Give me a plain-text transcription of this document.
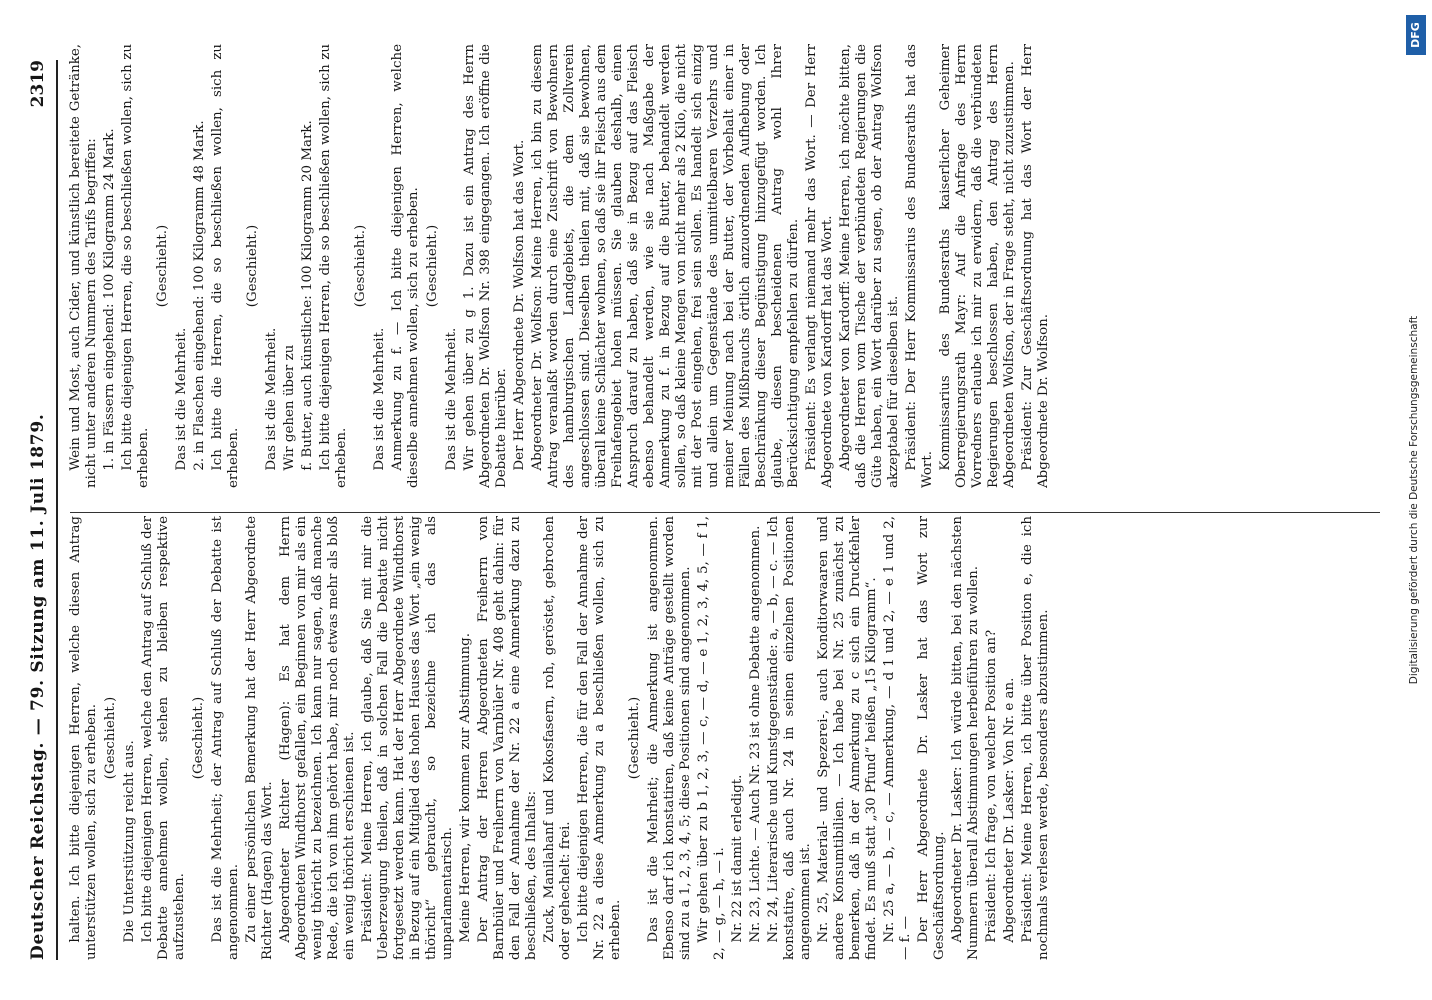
Deutscher Reichstag. — 79. Sitzung am 11. Juli 1879.
2319

halten. Ich bitte diejenigen Herren, welche diesen Antrag unterstützen wollen, sich zu erheben. (Geschieht.)

Die Unterstützung reicht aus. Ich bitte diejenigen Herren, welche den Antrag auf Schluß der Debatte annehmen wollen, stehen zu bleiben respektive aufzustehen.

(Geschieht.) Das ist die Mehrheit; der Antrag auf Schluß der Debatte ist angenommen. Zu einer persönlichen Bemerkung hat der Herr Abgeordnete Richter (Hagen) das Wort. Abgeordneter Richter (Hagen): Es hat dem Herrn Abgeordneten Windthorst gefallen, ein Beginnen von mir als ein wenig thöricht zu bezeichnen. Ich kann nur sagen, daß manche Rede, die ich von ihm gehört habe, mir noch etwas mehr als bloß ein wenig thöricht erschienen ist. Präsident: Meine Herren, ich glaube, daß Sie mit mir die Ueberzeugung theilen, daß in solchen Fall die Debatte nicht fortgesetzt werden kann. Hat der Herr Abgeordnete Windthorst in Bezug auf ein Mitglied des hohen Hauses das Wort „ein wenig thöricht“ gebraucht, so bezeichne ich das als unparlamentarisch. Meine Herren, wir kommen zur Abstimmung. Der Antrag der Herren Abgeordneten Freiherrn von Barnbüler und Freiherrn von Varnbüler Nr. 408 geht dahin: für den Fall der Annahme der Nr. 22 a eine Anmerkung dazu zu beschließen, des Inhalts: Zuck, Manilahanf und Kokosfasern, roh, geröstet, gebrochen oder gehechelt: frei. Ich bitte diejenigen Herren, die für den Fall der Annahme der Nr. 22 a diese Anmerkung zu a beschließen wollen, sich zu erheben.

(Geschieht.) Das ist die Mehrheit; die Anmerkung ist angenommen. Ebenso darf ich konstatiren, daß keine Anträge gestellt worden sind zu a 1, 2, 3, 4, 5; diese Positionen sind angenommen. Wir gehen über zu b 1, 2, 3, — c, — d, — e 1, 2, 3, 4, 5, — f 1, 2, — g, — h, — i. Nr. 22 ist damit erledigt. Nr. 23, Lichte. — Auch Nr. 23 ist ohne Debatte angenommen. Nr. 24, Literarische und Kunstgegenstände: a, — b, — c. — Ich konstatire, daß auch Nr. 24 in seinen einzelnen Positionen angenommen ist. Nr. 25, Material- und Spezerei-, auch Konditorwaaren und andere Konsumtibilien. — Ich habe bei Nr. 25 zunächst zu bemerken, daß in der Anmerkung zu c sich ein Druckfehler findet. Es muß statt „30 Pfund“ heißen „15 Kilogramm“. Nr. 25 a, — b, — c, — Anmerkung, — d 1 und 2, — e 1 und 2, — f. — Der Herr Abgeordnete Dr. Lasker hat das Wort zur Geschäftsordnung. Abgeordneter Dr. Lasker: Ich würde bitten, bei den nächsten Nummern überall Abstimmungen herbeiführen zu wollen. Präsident: Ich frage, von welcher Position an? Abgeordneter Dr. Lasker: Von Nr. e an. Präsident: Meine Herren, ich bitte über Position e, die ich nochmals verlesen werde, besonders abzustimmen.

Wein und Most, auch Cider, und künstlich bereitete Getränke, nicht unter anderen Nummern des Tarifs begriffen: 1. in Fässern eingehend: 100 Kilogramm 24 Mark. Ich bitte diejenigen Herren, die so beschließen wollen, sich zu erheben.

(Geschieht.)

Das ist die Mehrheit. 2. in Flaschen eingehend: 100 Kilogramm 48 Mark. Ich bitte die Herren, die so beschließen wollen, sich zu erheben.

(Geschieht.)

Das ist die Mehrheit. Wir gehen über zu f. Butter, auch künstliche: 100 Kilogramm 20 Mark. Ich bitte diejenigen Herren, die so beschließen wollen, sich zu erheben.

(Geschieht.)

Das ist die Mehrheit. Anmerkung zu f. — Ich bitte diejenigen Herren, welche dieselbe annehmen wollen, sich zu erheben. (Geschieht.)

Das ist die Mehrheit. Wir gehen über zu g 1. Dazu ist ein Antrag des Herrn Abgeordneten Dr. Wolfson Nr. 398 eingegangen. Ich eröffne die Debatte hierüber. Der Herr Abgeordnete Dr. Wolfson hat das Wort. Abgeordneter Dr. Wolfson: Meine Herren, ich bin zu diesem Antrag veranlaßt worden durch eine Zuschrift von Bewohnern des hamburgischen Landgebiets, die dem Zollverein angeschlossen sind. Dieselben theilen mit, daß sie bewohnen, überall keine Schlächter wohnen, so daß sie ihr Fleisch aus dem Freihafengebiet holen müssen. Sie glauben deshalb, einen Anspruch darauf zu haben, daß sie in Bezug auf das Fleisch ebenso behandelt werden, wie sie nach Maßgabe der Anmerkung zu f. in Bezug auf die Butter, behandelt werden sollen, so daß kleine Mengen von nicht mehr als 2 Kilo, die nicht mit der Post eingehen, frei sein sollen. Es handelt sich einzig und allein um Gegenstände des unmittelbaren Verzehrs und meiner Meinung nach bei der Butter, der Vorbehalt einer in Fällen des Mißbrauchs örtlich anzuordnenden Aufhebung oder Beschränkung dieser Begünstigung hinzugefügt worden. Ich glaube, diesen bescheidenen Antrag wohl Ihrer Berücksichtigung empfehlen zu dürfen. Präsident: Es verlangt niemand mehr das Wort. — Der Herr Abgeordnete von Kardorff hat das Wort. Abgeordneter von Kardorff: Meine Herren, ich möchte bitten, daß die Herren vom Tische der verbündeten Regierungen die Güte haben, ein Wort darüber zu sagen, ob der Antrag Wolfson akzeptabel für dieselben ist. Präsident: Der Herr Kommissarius des Bundesraths hat das Wort. Kommissarius des Bundesraths kaiserlicher Geheimer Oberregierungsrath Mayr: Auf die Anfrage des Herrn Vorredners erlaube ich mir zu erwidern, daß die verbündeten Regierungen beschlossen haben, den Antrag des Herrn Abgeordneten Wolfson, der in Frage steht, nicht zuzustimmen. Präsident: Zur Geschäftsordnung hat das Wort der Herr Abgeordnete Dr. Wolfson.	Digitalisierung gefördert durch die Deutsche Forschungsgemeinschaft
DFG
